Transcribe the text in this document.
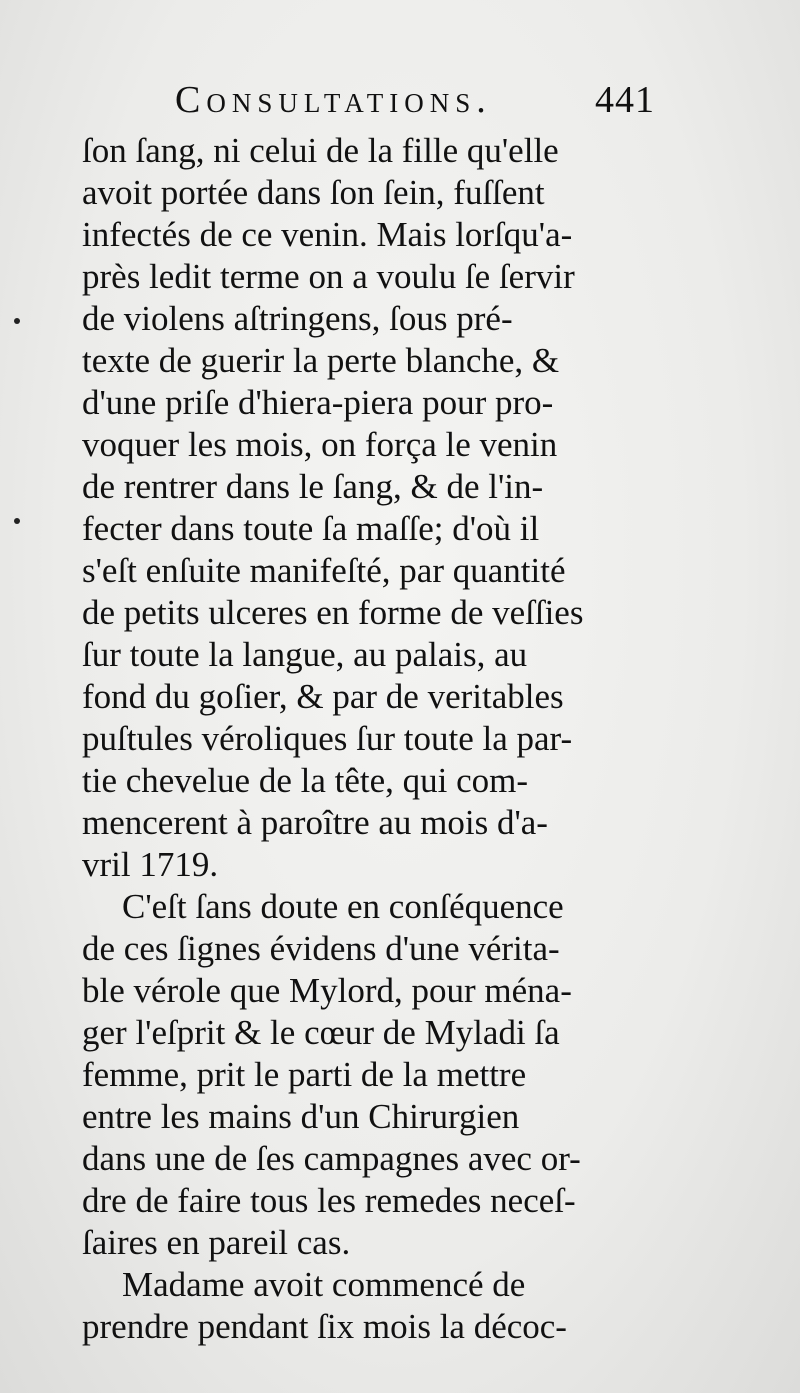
Consultations.	441
ſon ſang, ni celui de la fille qu'elle
avoit portée dans ſon ſein, fuſſent
infectés de ce venin. Mais lorſqu'a-
près ledit terme on a voulu ſe ſervir
de violens aſtringens, ſous pré-
texte de guerir la perte blanche, &
d'une priſe d'hiera-piera pour pro-
voquer les mois, on força le venin
de rentrer dans le ſang, & de l'in-
fecter dans toute ſa maſſe; d'où il
s'eſt enſuite manifeſté, par quantité
de petits ulceres en forme de veſſies
ſur toute la langue, au palais, au
fond du goſier, & par de veritables
puſtules véroliques ſur toute la par-
tie chevelue de la tête, qui com-
mencerent à paroître au mois d'a-
vril 1719.
C'eſt ſans doute en conſéquence
de ces ſignes évidens d'une vérita-
ble vérole que Mylord, pour ména-
ger l'eſprit & le cœur de Myladi ſa
femme, prit le parti de la mettre
entre les mains d'un Chirurgien
dans une de ſes campagnes avec or-
dre de faire tous les remedes neceſ-
ſaires en pareil cas.
Madame avoit commencé de
prendre pendant ſix mois la décoc-
